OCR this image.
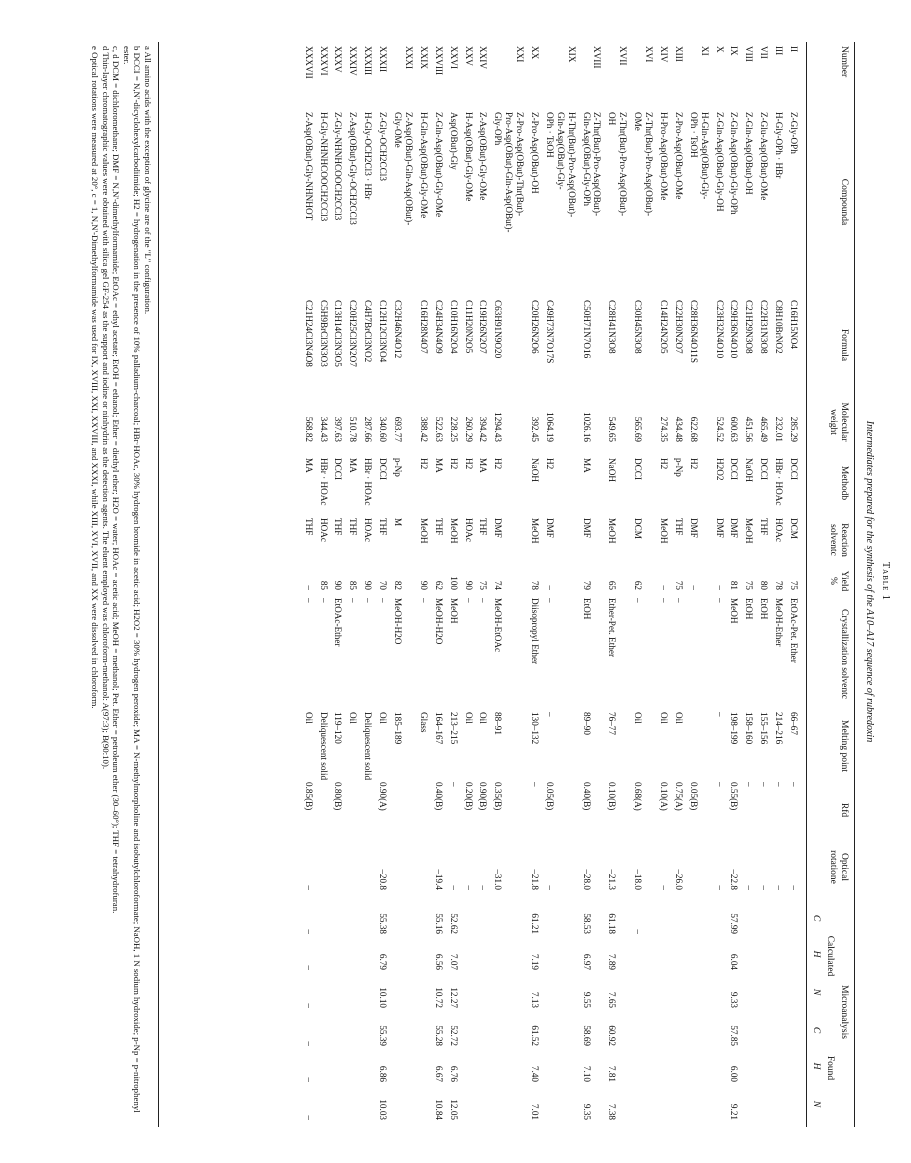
Table 1
Intermediates prepared for the synthesis of the A10–A17 sequence of rubredoxin
Number
Compounda
Formula
Molecular weight
Methodb
Reaction solventc
Yield %
Crystallization solventc
Melting point
Rfd
Optical rotatione
Microanalysis
Calculated
Found
C
H
N
C
H
N
Z-Gly-OPh
II
C16H15NO4
285.29
DCCI
DCM
75
EtOAc-Pet. Ether
66–67
–
–
H-Gly-OPh · HBr
III
C8H10BrNO2
232.01
HBr · HOAc
HOAc
78
MeOH-Ether
214–216
–
–
Z-Glu-Asp(OBut)-OMe
VII
C22H31N3O8
465.49
DCCI
THF
80
EtOH
155–156
–
–
Z-Gln-Asp(OBut)-OH
VIII
C21H29N3O8
451.56
NaOH
MeOH
75
EtOH
158–160
–
–
Z-Gln-Asp(OBut)-Gly-OPh
IX
C29H36N4O10
600.63
DCCI
DMF
81
MeOH
198–199
0.55(B)
–22.8
57.99
6.04
9.33
57.85
6.00
9.21
Z-Gln-Asp(OBut)-Gly-OH
X
C23H32N4O10
524.52
H2O2
DMF
–
–
–
–
–
H-Gln-Asp(OBut)-Gly-
OPh · TsOH
XI
C28H36N4O11S
622.68
H2
DMF
–
0.05(B)
Z-Pro-Asp(OBut)-OMe
XIII
C22H30N2O7
434.48
p-Np
THF
75
–
Oil
0.75(A)
–26.0
H-Pro-Asp(OBut)-OMe
XIV
C14H24N2O5
274.35
H2
MeOH
–
–
Oil
0.10(A)
–
Z-Thr(But)-Pro-Asp(OBut)-
OMe
XVI
C30H45N3O8
565.69
DCCI
DCM
62
–
Oil
0.68(A)
–18.0
–
Z-Thr(But)-Pro-Asp(OBut)-
OH
XVII
C28H41N3O8
549.65
NaOH
MeOH
65
Ether-Pet. Ether
76–77
0.10(B)
–21.3
61.18
7.89
7.65
60.92
7.81
7.38
Z-Thr(But)-Pro-Asp(OBut)-
Gln-Asp(OBut)-Gly-OPh
XVIII
C50H71N7O16
1026.16
MA
DMF
79
EtOH
89–90
0.40(B)
–28.0
58.53
6.97
9.55
58.69
7.10
9.35
H-Thr(But)-Pro-Asp(OBut)-
Gln-Asp(OBut)-Gly-
OPh · TsOH
XIX
C49H73N7O17S
1064.19
H2
DMF
–
–
–
0.05(B)
–
Z-Pro-Asp(OBut)-OH
XX
C20H26N2O6
392.45
NaOH
MeOH
78
Diisopropyl Ether
130–132
–
–21.8
61.21
7.19
7.13
61.52
7.40
7.01
Z-Pro-Asp(OBut)-Thr(But)-
Pro-Asp(OBut)-Gln-Asp(OBut)-
Gly-OPh
XXI
C63H91N9O20
1294.43
H2
DMF
74
MeOH-EtOAc
88–91
0.35(B)
–31.0
Z-Asp(OBut)-Gly-OMe
XXIV
C19H26N2O7
394.42
MA
THF
75
–
Oil
0.90(B)
–
H-Asp(OBut)-Gly-OMe
XXV
C11H20N2O5
260.29
H2
HOAc
90
–
Oil
0.20(B)
–
Asp(OBut)-Gly
XXVI
C10H16N2O4
228.25
H2
MeOH
100
MeOH
213–215
–
–
52.62
7.07
12.27
52.72
6.76
12.05
Z-Gln-Asp(OBut)-Gly-OMe
XXVIII
C24H34N4O9
522.63
MA
THF
62
MeOH-H2O
164–167
0.40(B)
–19.4
55.16
6.56
10.72
55.28
6.67
10.84
H-Gln-Asp(OBut)-Gly-OMe
XXIX
C16H28N4O7
388.42
H2
MeOH
90
–
Glass
Z-Asp(OBut)-Gln-Asp(OBut)-
Gly-OMe
XXXI
C32H46N4O12
693.77
p-Np
M
82
MeOH-H2O
185–189
Z-Gly-OCH2CCl3
XXXII
C12H12Cl3NO4
340.60
DCCI
THF
70
–
Oil
0.90(A)
–20.8
55.38
6.79
10.10
55.39
6.86
10.03
H-Gly-OCH2Cl3 · HBr
XXXIII
C4H7BrCl3NO2
287.66
HBr · HOAc
HOAc
90
–
Deliquescent solid
Z-Asp(OBut)-Gly-OCH2CCl3
XXXIV
C20H25Cl3N2O7
510.78
MA
THF
85
–
Oil
Z-Gly-NHNHCOOCH2CCl3
XXXV
C13H14Cl3N3O5
397.63
DCCI
THF
90
EtOAc-Ether
119–120
0.80(B)
H-Gly-NHNHCOOCH2CCl3
XXXVI
C5H9BrCl3N3O3
344.43
HBr · HOAc
HOAc
85
–
Deliquescent solid
Z-Asp(OBut)-Gly-NHNHOT
XXXVII
C21H24Cl3N4O8
568.82
MA
THF
–
–
Oil
0.85(B)
–
–
–
–
–
–
–
a All amino acids with the exception of glycine are of the "L" configuration.
b DCCI = N,N'-dicyclohexylcarbodiimide; H2 = hydrogenation in the presence of 10% palladium-charcoal; HBr·HOAc, 30% hydrogen bromide in acetic acid; H2O2 = 30% hydrogen peroxide; MA = N-methylmorpholine and isobutylchloroformate; NaOH, 1 N sodium hydroxide; p-Np = p-nitrophenyl ester.
c, d DCM = dichloromethane; DMF = N,N'-dimethylformamide; EtOAc = ethyl acetate; EtOH = ethanol; Ether = diethyl ether; H2O = water; HOAc = acetic acid; MeOH = methanol; Pet. Ether = petroleum ether (30–60°); THF = tetrahydrofuran.
d Thin-layer chromatographic values were obtained with silica gel GF-254 as the support and iodine or ninhydrin as the detection agents. The eluent employed was chloroform-methanol: A(97:3); B(90:10).
e Optical rotations were measured at 20°, c = 1, N,N'-Dimethylformamide was used for IX, XVIII, XXI, XXVIII, and XXXI, while XIII, XVI, XVII, and XX were dissolved in chloroform.
